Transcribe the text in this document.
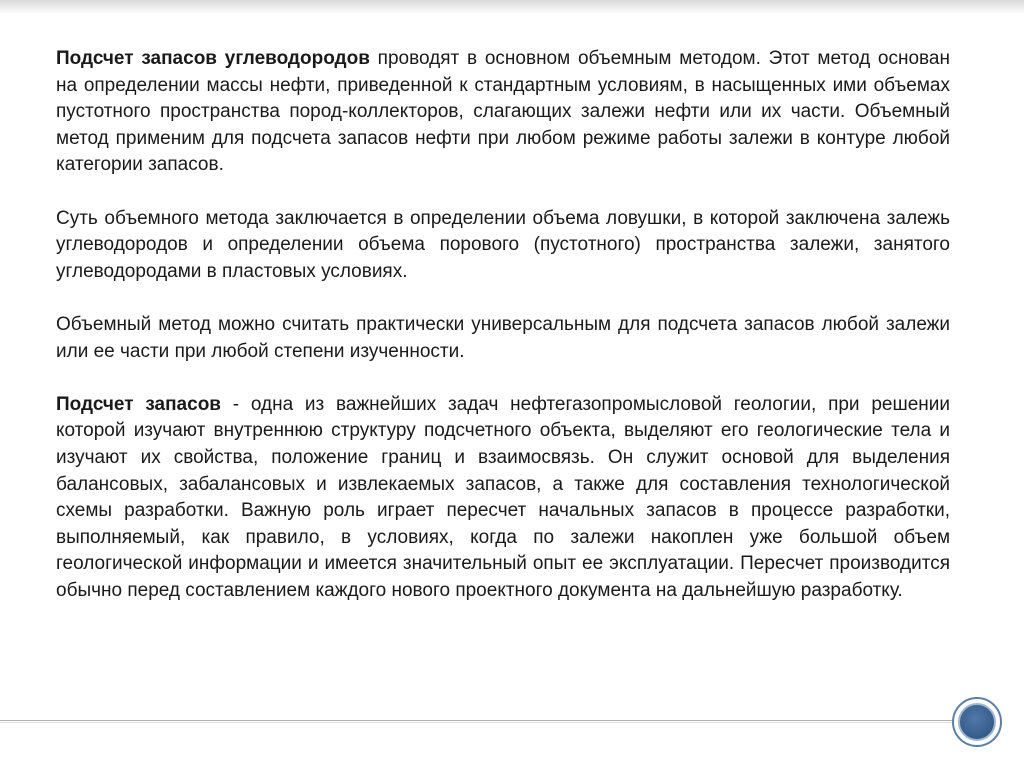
Подсчет запасов углеводородов проводят в основном объемным методом. Этот метод основан на определении массы нефти, приведенной к стандартным условиям, в насыщенных ими объемах пустотного пространства пород-коллекторов, слагающих залежи нефти или их части. Объемный метод применим для подсчета запасов нефти при любом режиме работы залежи в контуре любой категории запасов.

Суть объемного метода заключается в определении объема ловушки, в которой заключена залежь углеводородов и определении объема порового (пустотного) пространства залежи, занятого углеводородами в пластовых условиях.

Объемный метод можно считать практически универсальным для подсчета запасов любой залежи или ее части при любой степени изученности.

Подсчет запасов - одна из важнейших задач нефтегазопромысловой геологии, при решении которой изучают внутреннюю структуру подсчетного объекта, выделяют его геологические тела и изучают их свойства, положение границ и взаимосвязь. Он служит основой для выделения балансовых, забалансовых и извлекаемых запасов, а также для составления технологической схемы разработки. Важную роль играет пересчет начальных запасов в процессе разработки, выполняемый, как правило, в условиях, когда по залежи накоплен уже большой объем геологической информации и имеется значительный опыт ее эксплуатации. Пересчет производится обычно перед составлением каждого нового проектного документа на дальнейшую разработку.
